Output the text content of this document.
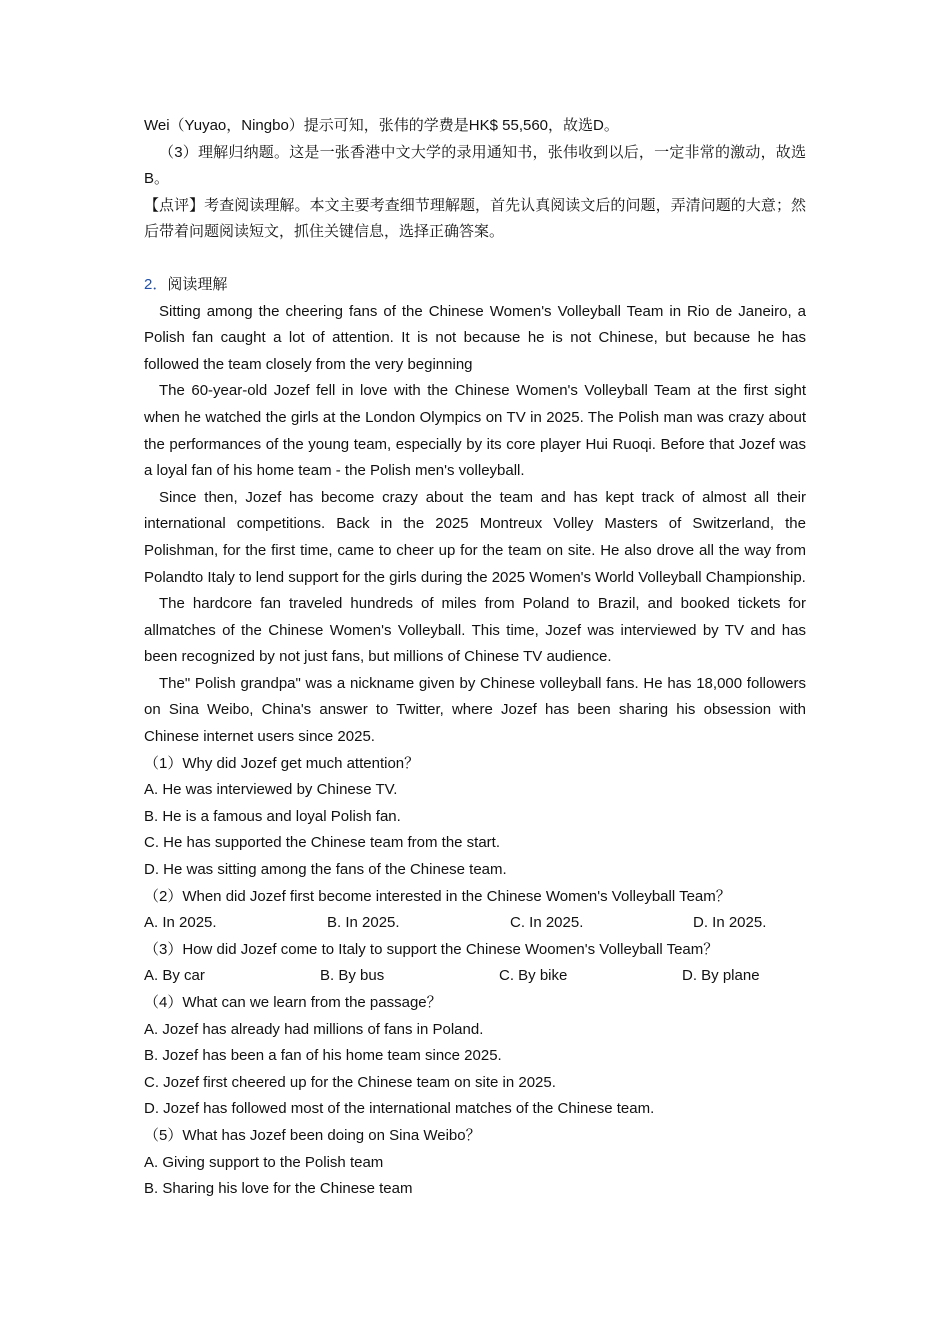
Wei（Yuyao，Ningbo）提示可知，张伟的学费是HK$ 55,560，故选D。

（3）理解归纳题。这是一张香港中文大学的录用通知书，张伟收到以后，一定非常的激动，故选B。

【点评】考查阅读理解。本文主要考查细节理解题，首先认真阅读文后的问题，弄清问题的大意；然后带着问题阅读短文，抓住关键信息，选择正确答案。

2．阅读理解

Sitting among the cheering fans of the Chinese Women's Volleyball Team in Rio de Janeiro, a Polish fan caught a lot of attention. It is not because he is not Chinese, but because he has followed the team closely from the very beginning

The 60-year-old Jozef fell in love with the Chinese Women's Volleyball Team at the first sight when he watched the girls at the London Olympics on TV in 2025. The Polish man was crazy about the performances of the young team, especially by its core player Hui Ruoqi. Before that Jozef was a loyal fan of his home team - the Polish men's volleyball.

Since then, Jozef has become crazy about the team and has kept track of almost all their international competitions. Back in the 2025 Montreux Volley Masters of Switzerland, the Polishman, for the first time, came to cheer up for the team on site. He also drove all the way from Polandto Italy to lend support for the girls during the 2025 Women's World Volleyball Championship.

The hardcore fan traveled hundreds of miles from Poland to Brazil, and booked tickets for allmatches of the Chinese Women's Volleyball. This time, Jozef was interviewed by TV and has been recognized by not just fans, but millions of Chinese TV audience.

The" Polish grandpa" was a nickname given by Chinese volleyball fans. He has 18,000 followers on Sina Weibo, China's answer to Twitter, where Jozef has been sharing his obsession with Chinese internet users since 2025.

（1）Why did Jozef get much attention？

A. He was interviewed by Chinese TV.

B. He is a famous and loyal Polish fan.

C. He has supported the Chinese team from the start.

D. He was sitting among the fans of the Chinese team.

（2）When did Jozef first become interested in the Chinese Women's Volleyball Team？

A. In 2025.	B. In 2025.	C. In 2025.	D. In 2025.

（3）How did Jozef come to Italy to support the Chinese Woomen's Volleyball Team？

A. By car	B. By bus	C. By bike	D. By plane

（4）What can we learn from the passage？

A. Jozef has already had millions of fans in Poland.

B. Jozef has been a fan of his home team since 2025.

C. Jozef first cheered up for the Chinese team on site in 2025.

D. Jozef has followed most of the international matches of the Chinese team.

（5）What has Jozef been doing on Sina Weibo？

A. Giving support to the Polish team

B. Sharing his love for the Chinese team
